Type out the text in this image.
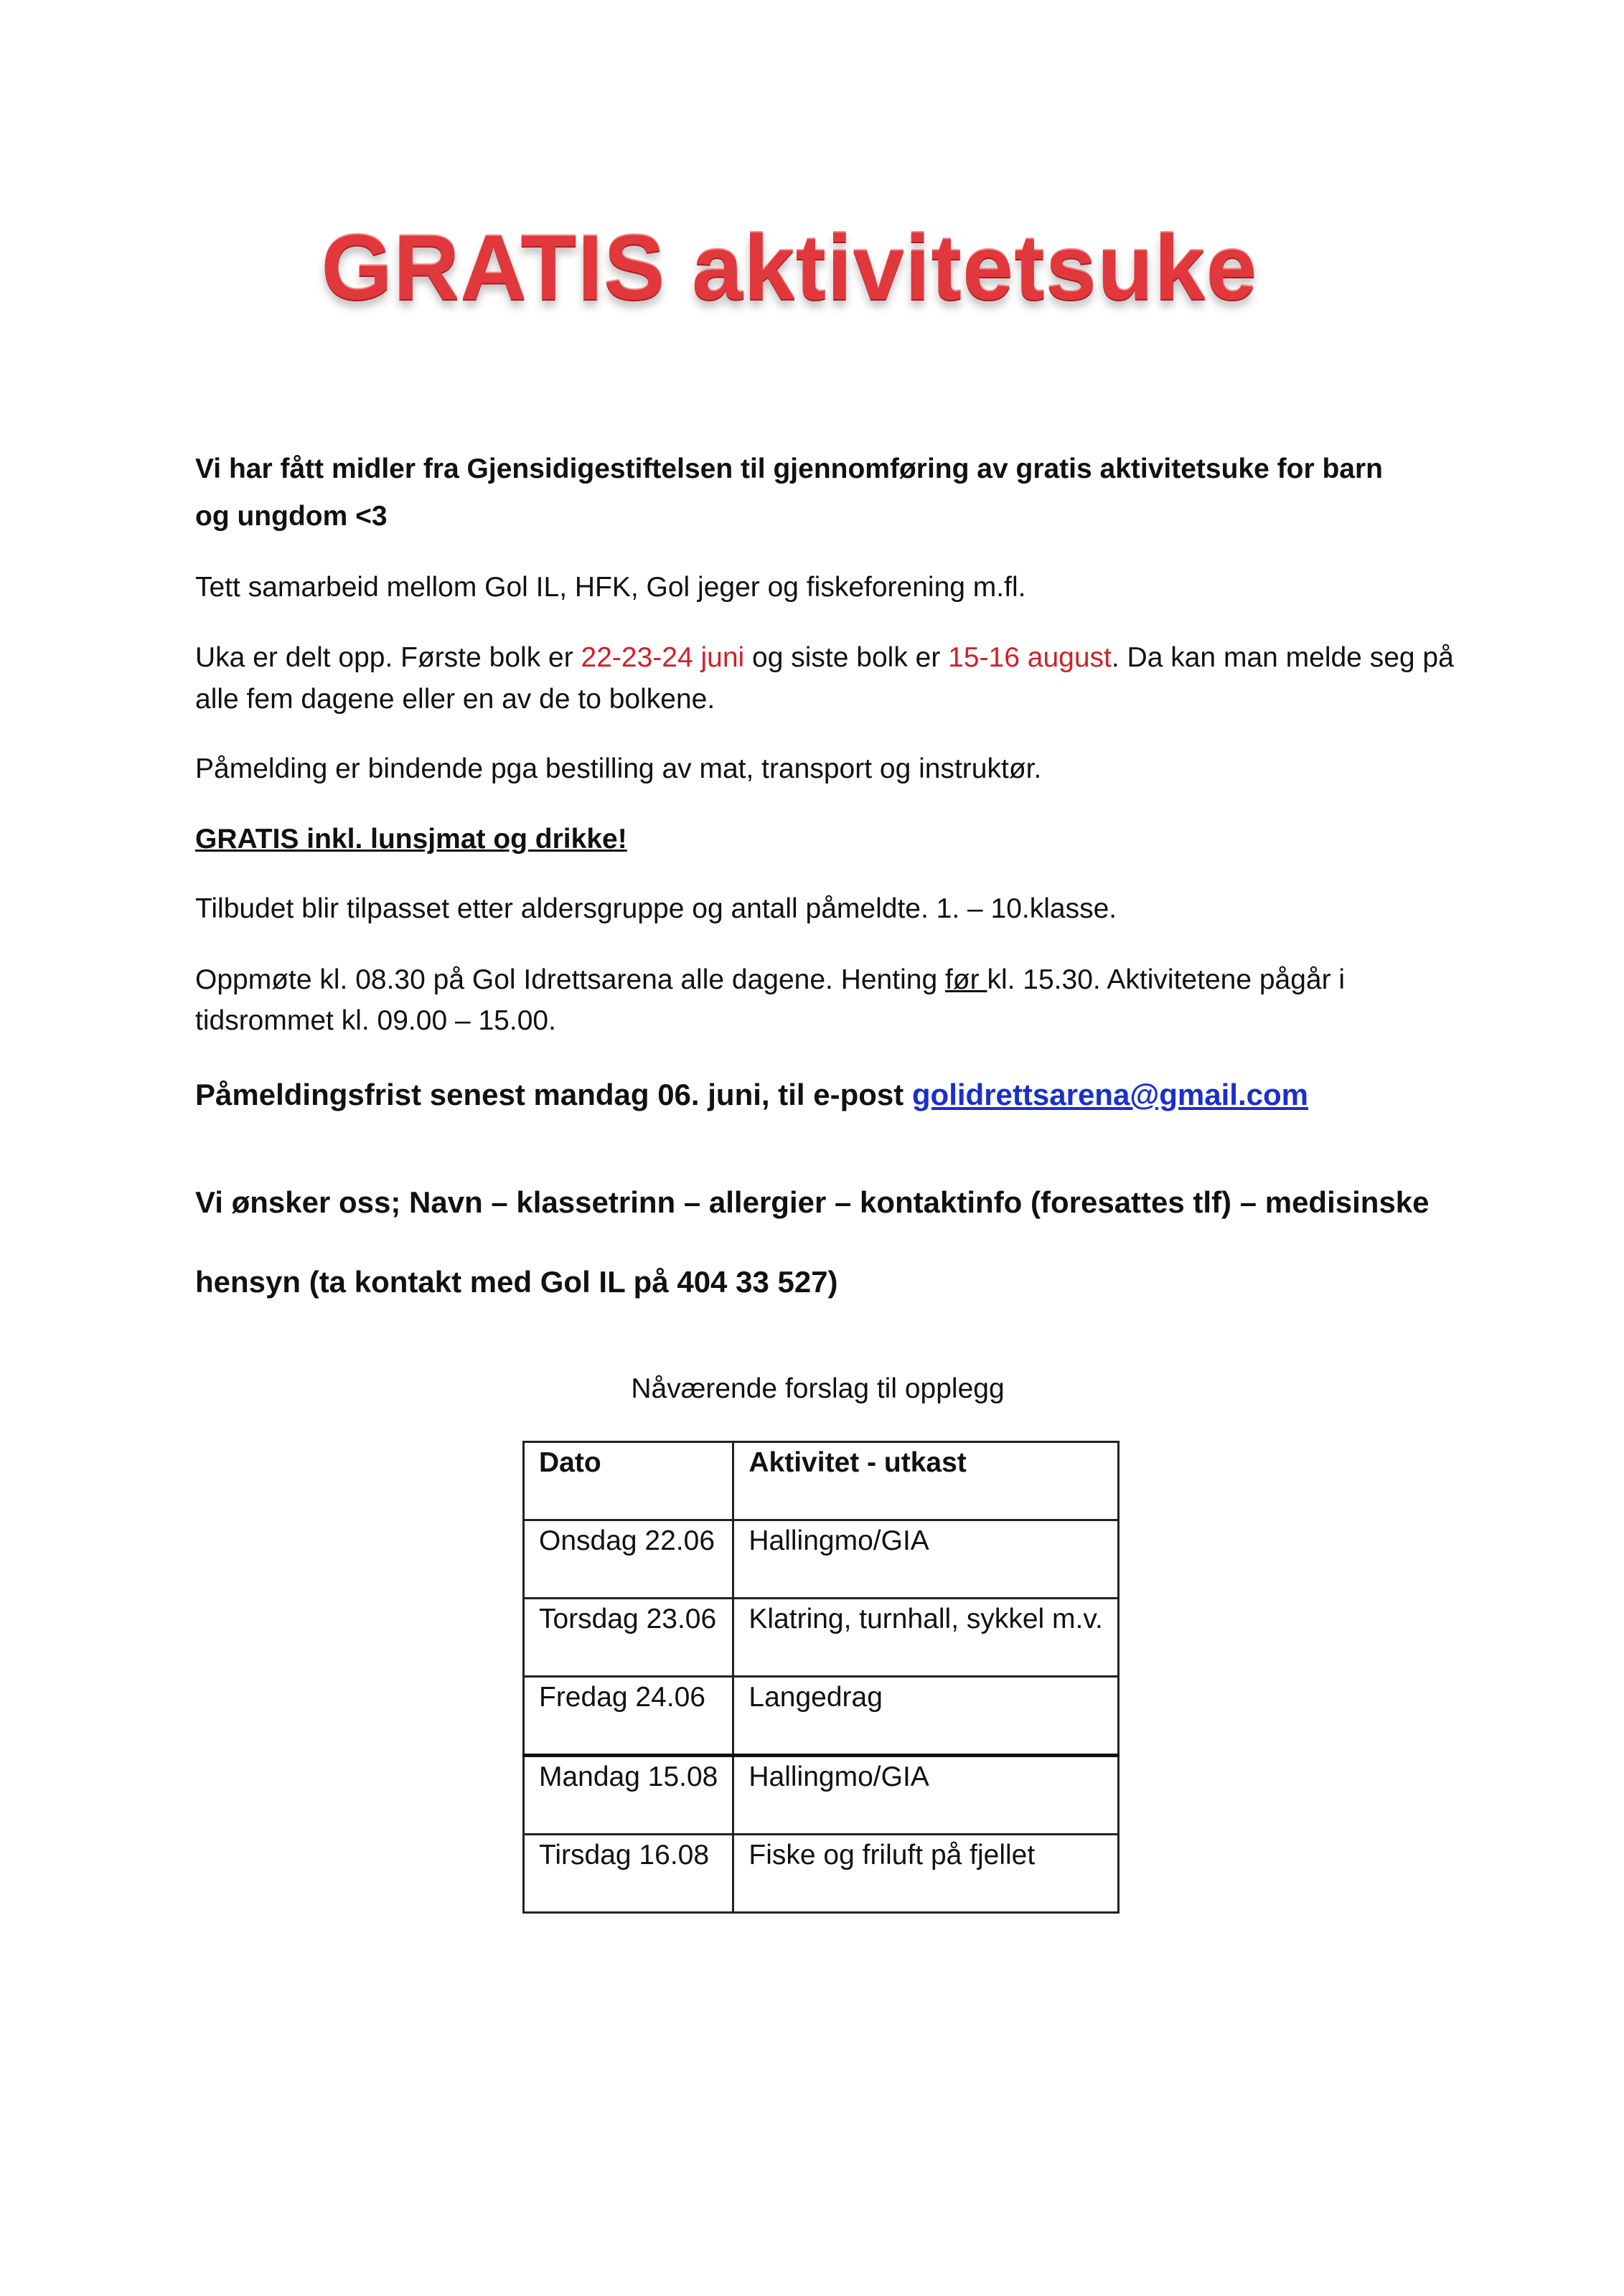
GRATIS aktivitetsuke
Vi har fått midler fra Gjensidigestiftelsen til gjennomføring av gratis aktivitetsuke for barn
og ungdom <3
Tett samarbeid mellom Gol IL, HFK, Gol jeger og fiskeforening m.fl.
Uka er delt opp. Første bolk er 22-23-24 juni og siste bolk er 15-16 august. Da kan man melde seg på
alle fem dagene eller en av de to bolkene.
Påmelding er bindende pga bestilling av mat, transport og instruktør.
GRATIS inkl. lunsjmat og drikke!
Tilbudet blir tilpasset etter aldersgruppe og antall påmeldte. 1. – 10.klasse.
Oppmøte kl. 08.30 på Gol Idrettsarena alle dagene. Henting før kl. 15.30. Aktivitetene pågår i
tidsrommet kl. 09.00 – 15.00.
Påmeldingsfrist senest mandag 06. juni, til e-post golidrettsarena@gmail.com
Vi ønsker oss; Navn – klassetrinn – allergier – kontaktinfo (foresattes tlf) – medisinske
hensyn (ta kontakt med Gol IL på 404 33 527)
Nåværende forslag til opplegg
Dato	Aktivitet - utkast
Onsdag 22.06	Hallingmo/GIA
Torsdag 23.06	Klatring, turnhall, sykkel m.v.
Fredag 24.06	Langedrag
Mandag 15.08	Hallingmo/GIA
Tirsdag 16.08	Fiske og friluft på fjellet
